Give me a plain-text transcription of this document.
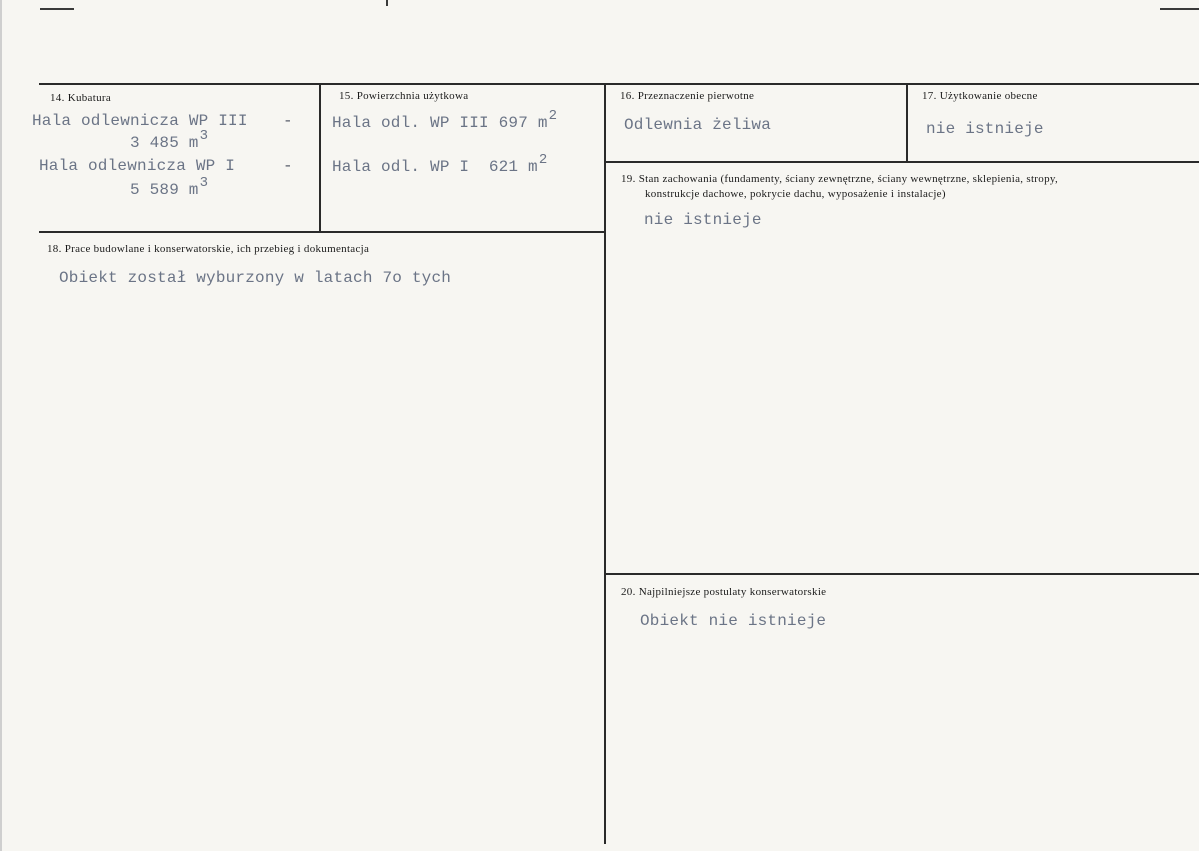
14. Kubatura
Hala odlewnicza WP III -
3 485 m3
Hala odlewnicza WP I	-
5 589 m3
15. Powierzchnia użytkowa
Hala odl. WP III 697 m2
Hala odl. WP I  621 m2
16. Przeznaczenie pierwotne
Odlewnia żeliwa
17. Użytkowanie obecne
nie istnieje
18. Prace budowlane i konserwatorskie, ich przebieg i dokumentacja
Obiekt został wyburzony w latach 7o tych
19. Stan zachowania (fundamenty, ściany zewnętrzne, ściany wewnętrzne, sklepienia, stropy,
konstrukcje dachowe, pokrycie dachu, wyposażenie i instalacje)
nie istnieje
20. Najpilniejsze postulaty konserwatorskie
Obiekt nie istnieje
